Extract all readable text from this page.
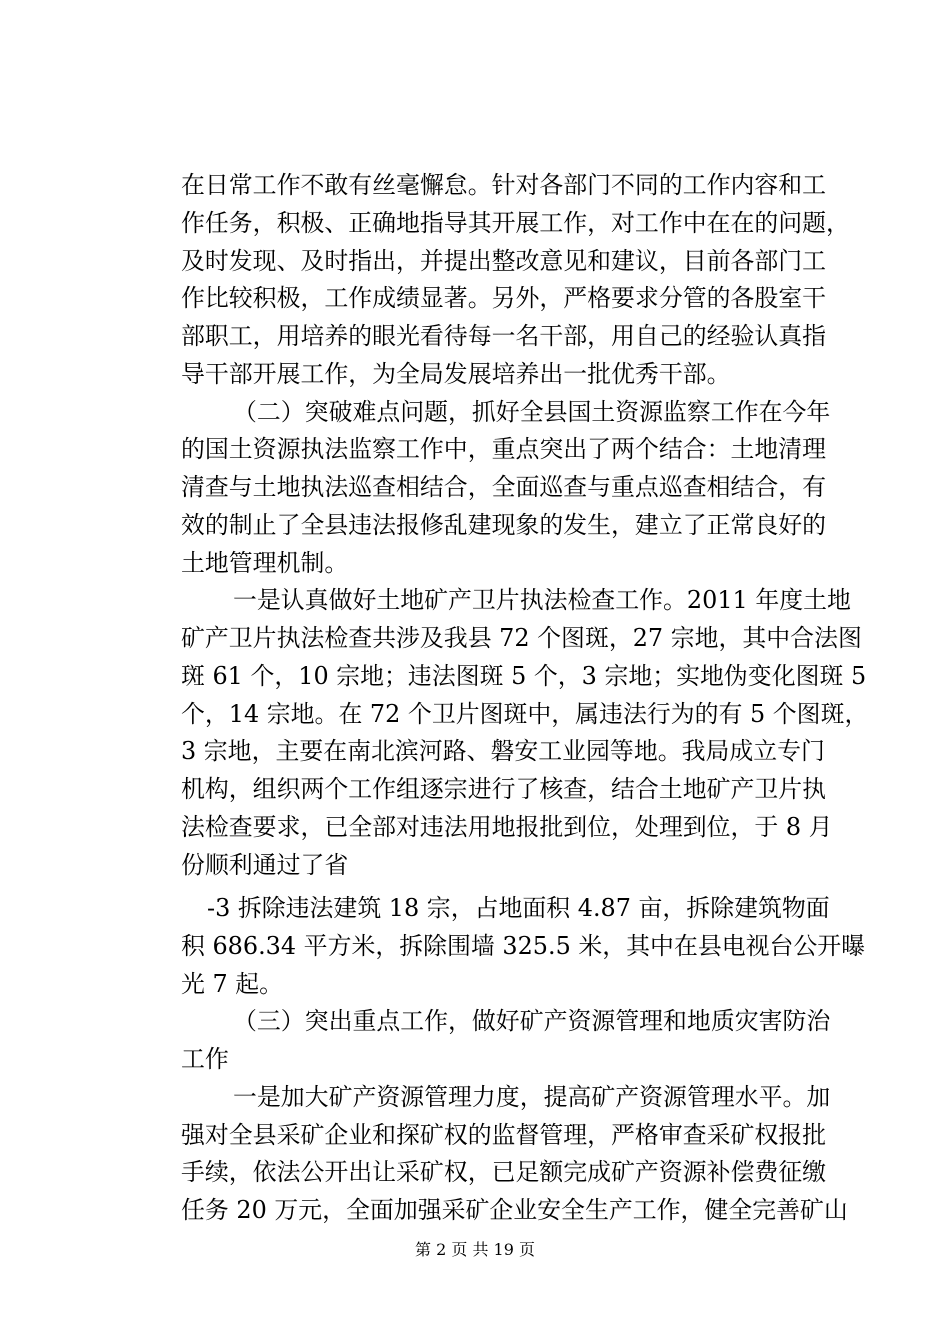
在日常工作不敢有丝毫懈怠。针对各部门不同的工作内容和工
作任务，积极、正确地指导其开展工作，对工作中在在的问题，
及时发现、及时指出，并提出整改意见和建议，目前各部门工
作比较积极，工作成绩显著。另外，严格要求分管的各股室干
部职工，用培养的眼光看待每一名干部，用自己的经验认真指
导干部开展工作，为全局发展培养出一批优秀干部。
（二）突破难点问题，抓好全县国土资源监察工作在今年
的国土资源执法监察工作中，重点突出了两个结合：土地清理
清查与土地执法巡查相结合，全面巡查与重点巡查相结合，有
效的制止了全县违法报修乱建现象的发生，建立了正常良好的
土地管理机制。
一是认真做好土地矿产卫片执法检查工作。2011 年度土地
矿产卫片执法检查共涉及我县 72 个图斑，27 宗地，其中合法图
斑 61 个，10 宗地；违法图斑 5 个，3 宗地；实地伪变化图斑 5
个，14 宗地。在 72 个卫片图斑中，属违法行为的有 5 个图斑，
3 宗地，主要在南北滨河路、磐安工业园等地。我局成立专门
机构，组织两个工作组逐宗进行了核查，结合土地矿产卫片执
法检查要求，已全部对违法用地报批到位，处理到位，于 8 月
份顺利通过了省
-3 拆除违法建筑 18 宗，占地面积 4.87 亩，拆除建筑物面
积 686.34 平方米，拆除围墙 325.5 米，其中在县电视台公开曝
光 7 起。
（三）突出重点工作，做好矿产资源管理和地质灾害防治
工作
一是加大矿产资源管理力度，提高矿产资源管理水平。加
强对全县采矿企业和探矿权的监督管理，严格审查采矿权报批
手续，依法公开出让采矿权，已足额完成矿产资源补偿费征缴
任务 20 万元，全面加强采矿企业安全生产工作，健全完善矿山
第 2 页 共 19 页
